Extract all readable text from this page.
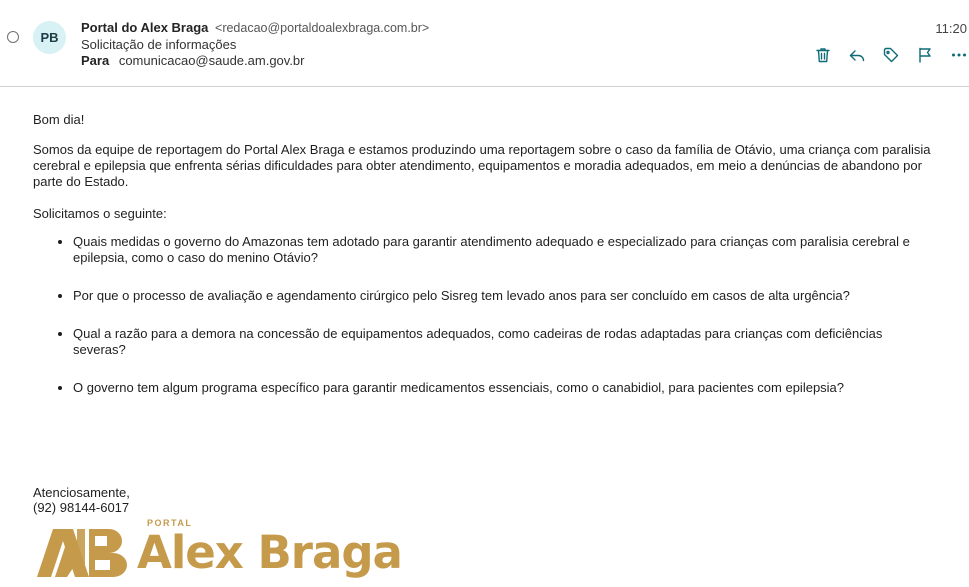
PB
Portal do Alex Braga <redacao@portaldoalexbraga.com.br>
Solicitação de informações
Para comunicacao@saude.am.gov.br
11:20

Bom dia!

Somos da equipe de reportagem do Portal Alex Braga e estamos produzindo uma reportagem sobre o caso da família de Otávio, uma criança com paralisia cerebral e epilepsia que enfrenta sérias dificuldades para obter atendimento, equipamentos e moradia adequados, em meio a denúncias de abandono por parte do Estado.

Solicitamos o seguinte:

• Quais medidas o governo do Amazonas tem adotado para garantir atendimento adequado e especializado para crianças com paralisia cerebral e epilepsia, como o caso do menino Otávio?
• Por que o processo de avaliação e agendamento cirúrgico pelo Sisreg tem levado anos para ser concluído em casos de alta urgência?
• Qual a razão para a demora na concessão de equipamentos adequados, como cadeiras de rodas adaptadas para crianças com deficiências severas?
• O governo tem algum programa específico para garantir medicamentos essenciais, como o canabidiol, para pacientes com epilepsia?
Atenciosamente,
(92) 98144-6017
PORTAL
Alex Braga
